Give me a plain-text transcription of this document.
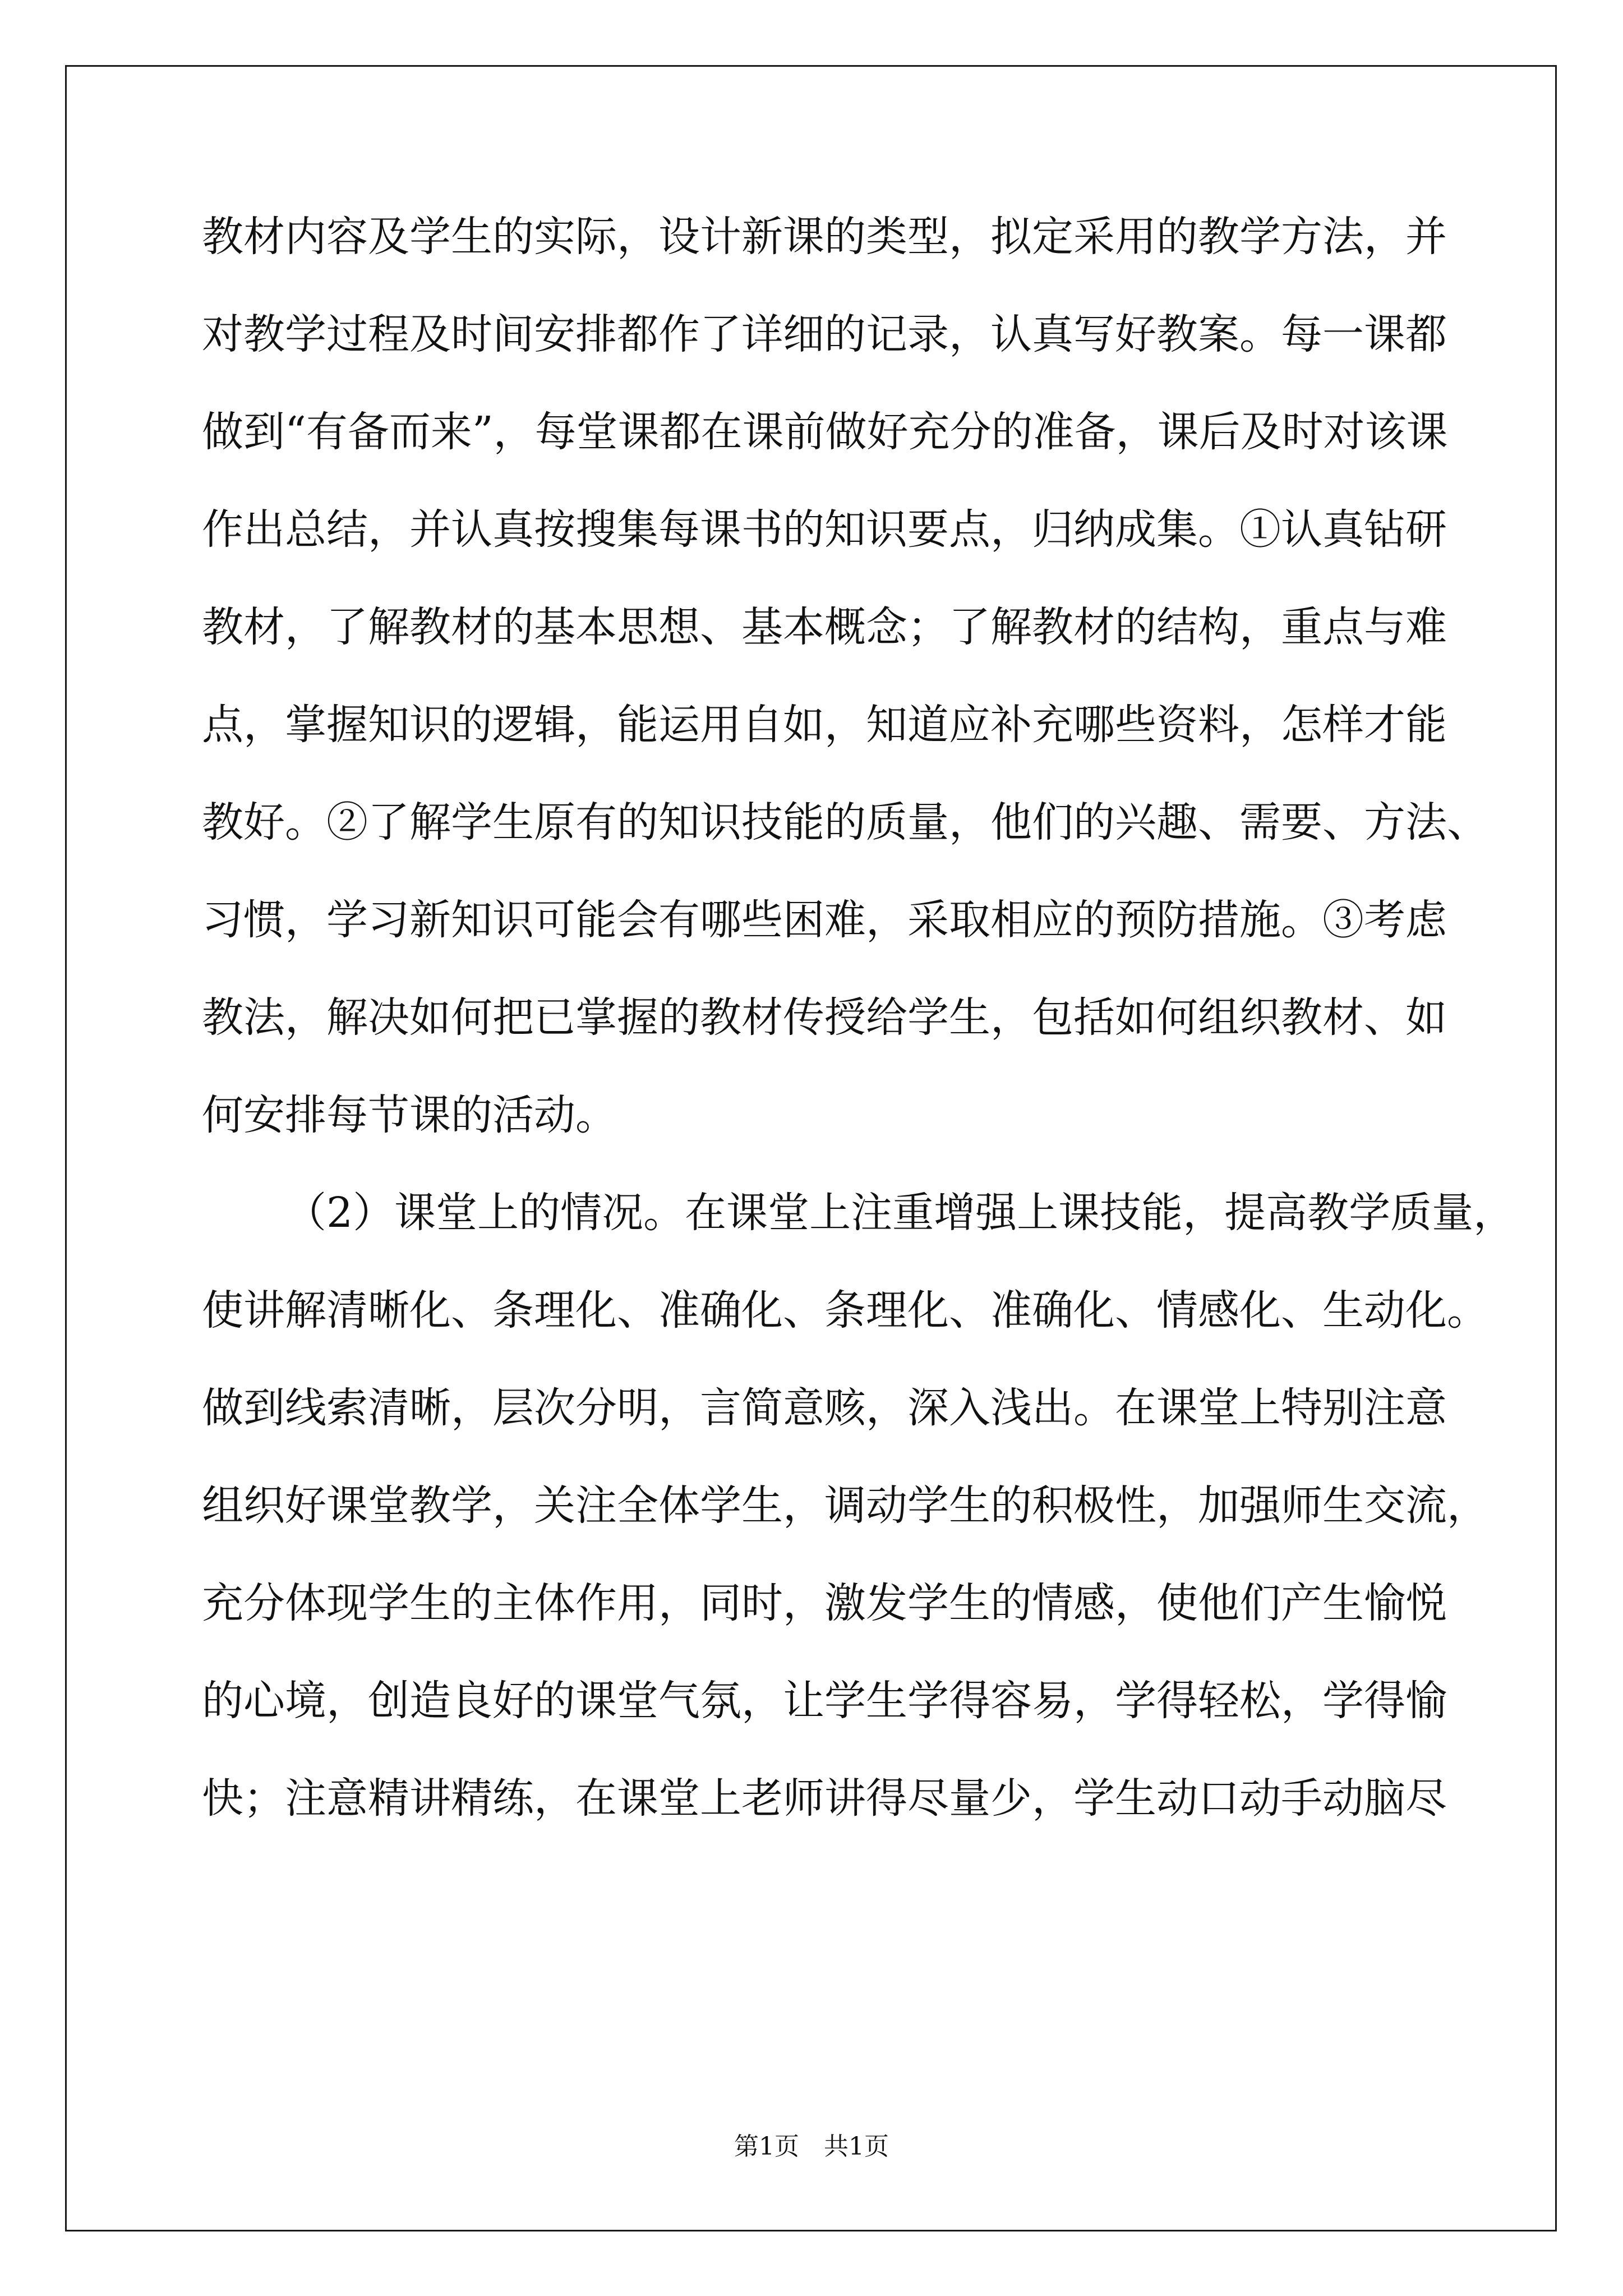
教材内容及学生的实际，设计新课的类型，拟定采用的教学方法，并
对教学过程及时间安排都作了详细的记录，认真写好教案。每一课都
做到“有备而来”，每堂课都在课前做好充分的准备，课后及时对该课
作出总结，并认真按搜集每课书的知识要点，归纳成集。①认真钻研
教材，了解教材的基本思想、基本概念；了解教材的结构，重点与难
点，掌握知识的逻辑，能运用自如，知道应补充哪些资料，怎样才能
教好。②了解学生原有的知识技能的质量，他们的兴趣、需要、方法、
习惯，学习新知识可能会有哪些困难，采取相应的预防措施。③考虑
教法，解决如何把已掌握的教材传授给学生，包括如何组织教材、如
何安排每节课的活动。
（2）课堂上的情况。在课堂上注重增强上课技能，提高教学质量，
使讲解清晰化、条理化、准确化、条理化、准确化、情感化、生动化。
做到线索清晰，层次分明，言简意赅，深入浅出。在课堂上特别注意
组织好课堂教学，关注全体学生，调动学生的积极性，加强师生交流，
充分体现学生的主体作用，同时，激发学生的情感，使他们产生愉悦
的心境，创造良好的课堂气氛，让学生学得容易，学得轻松，学得愉
快；注意精讲精练，在课堂上老师讲得尽量少，学生动口动手动脑尽
第1页　共1页
